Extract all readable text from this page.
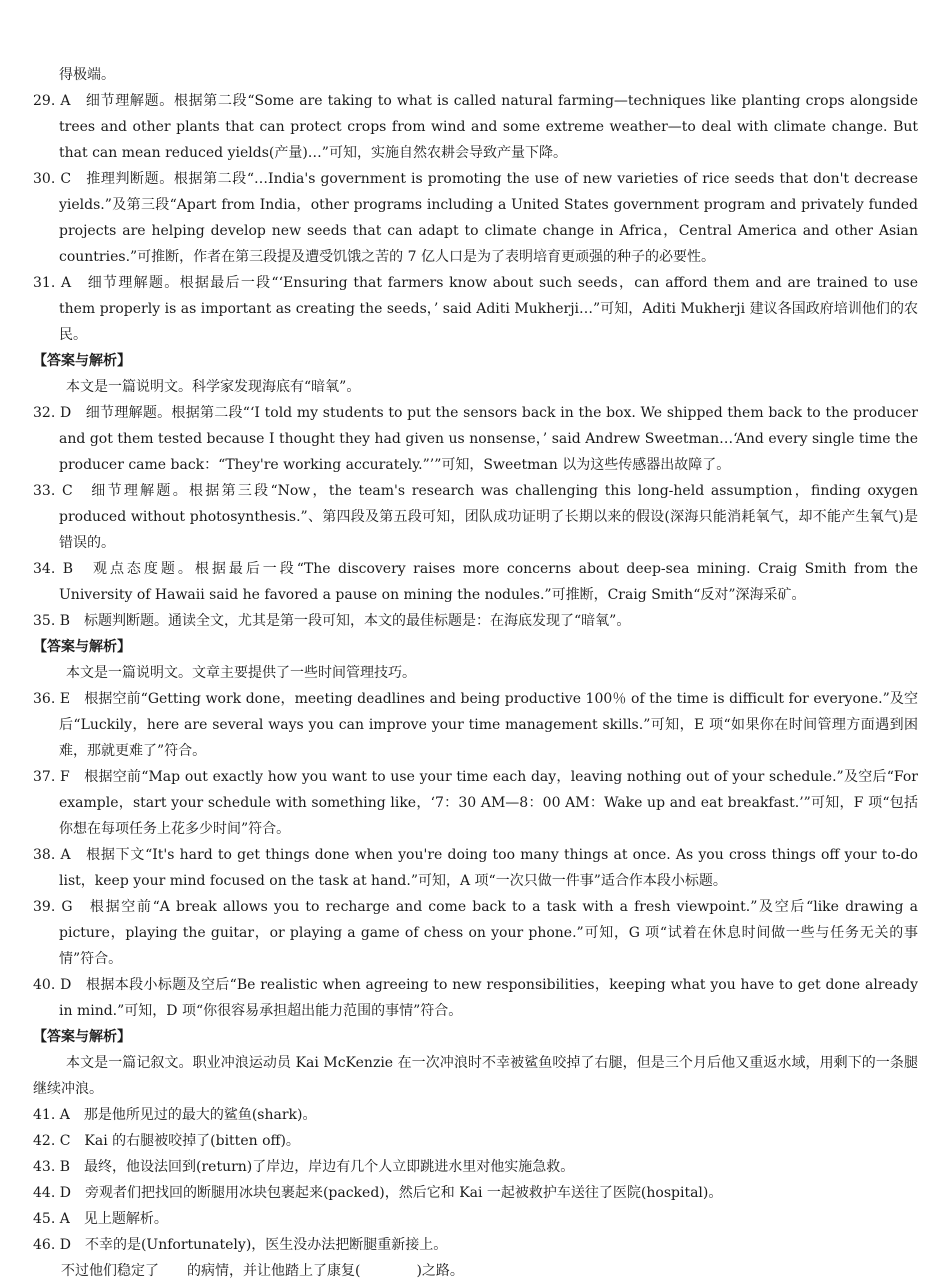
得极端。
29. A　细节理解题。根据第二段“Some are taking to what is called natural farming—techniques like planting crops alongside trees and other plants that can protect crops from wind and some extreme weather—to deal with climate change. But that can mean reduced yields(产量)…”可知，实施自然农耕会导致产量下降。
30. C　推理判断题。根据第二段“…India's government is promoting the use of new varieties of rice seeds that don't decrease yields.”及第三段“Apart from India，other programs including a United States government program and privately funded projects are helping develop new seeds that can adapt to climate change in Africa，Central America and other Asian countries.”可推断，作者在第三段提及遭受饥饿之苦的 7 亿人口是为了表明培育更顽强的种子的必要性。
31. A　细节理解题。根据最后一段“‘Ensuring that farmers know about such seeds，can afford them and are trained to use them properly is as important as creating the seeds，’ said Aditi Mukherji…”可知，Aditi Mukherji 建议各国政府培训他们的农民。
【答案与解析】
本文是一篇说明文。科学家发现海底有“暗氧”。
32. D　细节理解题。根据第二段“‘I told my students to put the sensors back in the box. We shipped them back to the producer and got them tested because I thought they had given us nonsense，’ said Andrew Sweetman…‘And every single time the producer came back：“They're working accurately.”’”可知，Sweetman 以为这些传感器出故障了。
33. C　细节理解题。根据第三段“Now，the team's research was challenging this long-held assumption，finding oxygen produced without photosynthesis.”、第四段及第五段可知，团队成功证明了长期以来的假设(深海只能消耗氧气，却不能产生氧气)是错误的。
34. B　观点态度题。根据最后一段“The discovery raises more concerns about deep-sea mining. Craig Smith from the University of Hawaii said he favored a pause on mining the nodules.”可推断，Craig Smith“反对”深海采矿。
35. B　标题判断题。通读全文，尤其是第一段可知，本文的最佳标题是：在海底发现了“暗氧”。
【答案与解析】
本文是一篇说明文。文章主要提供了一些时间管理技巧。
36. E　根据空前“Getting work done，meeting deadlines and being productive 100％ of the time is difficult for everyone.”及空后“Luckily，here are several ways you can improve your time management skills.”可知，E 项“如果你在时间管理方面遇到困难，那就更难了”符合。
37. F　根据空前“Map out exactly how you want to use your time each day，leaving nothing out of your schedule.”及空后“For example，start your schedule with something like，‘7：30 AM—8：00 AM：Wake up and eat breakfast.’”可知，F 项“包括你想在每项任务上花多少时间”符合。
38. A　根据下文“It's hard to get things done when you're doing too many things at once. As you cross things off your to-do list，keep your mind focused on the task at hand.”可知，A 项“一次只做一件事”适合作本段小标题。
39. G　根据空前“A break allows you to recharge and come back to a task with a fresh viewpoint.”及空后“like drawing a picture，playing the guitar，or playing a game of chess on your phone.”可知，G 项“试着在休息时间做一些与任务无关的事情”符合。
40. D　根据本段小标题及空后“Be realistic when agreeing to new responsibilities，keeping what you have to get done already in mind.”可知，D 项“你很容易承担超出能力范围的事情”符合。
【答案与解析】
本文是一篇记叙文。职业冲浪运动员 Kai McKenzie 在一次冲浪时不幸被鲨鱼咬掉了右腿，但是三个月后他又重返水域，用剩下的一条腿继续冲浪。
41. A　那是他所见过的最大的鲨鱼(shark)。
42. C　Kai 的右腿被咬掉了(bitten off)。
43. B　最终，他设法回到(return)了岸边，岸边有几个人立即跳进水里对他实施急救。
44. D　旁观者们把找回的断腿用冰块包裹起来(packed)，然后它和 Kai 一起被救护车送往了医院(hospital)。
45. A　见上题解析。
46. D　不幸的是(Unfortunately)，医生没办法把断腿重新接上。
　　不过他们稳定了　　的病情，并让他踏上了康复(　　　　)之路。
